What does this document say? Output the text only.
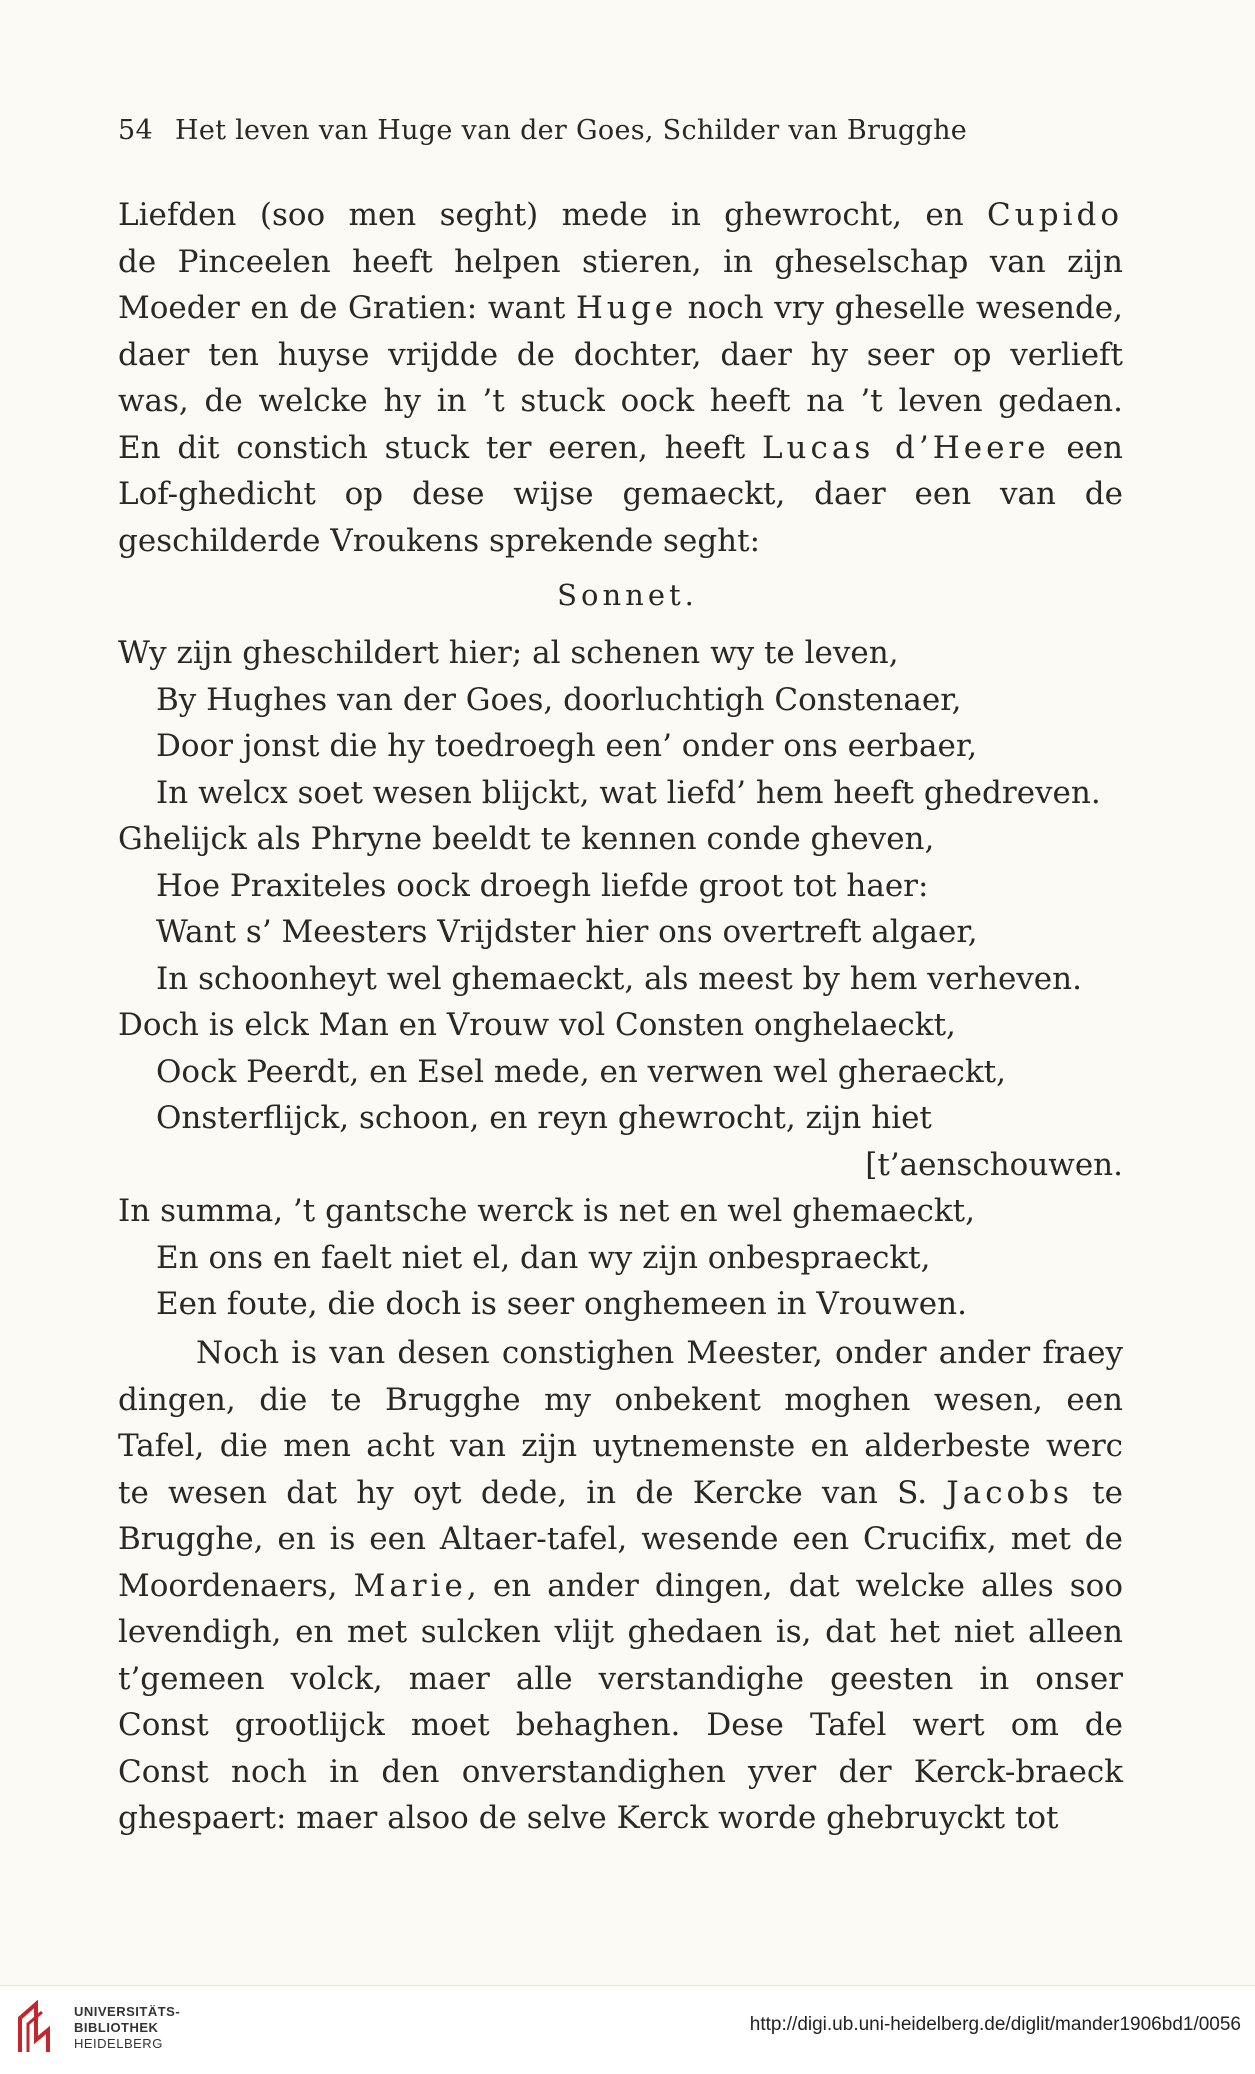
54 Het leven van Huge van der Goes, Schilder van Brugghe
Liefden (soo men seght) mede in ghewrocht, en Cupido
de Pinceelen heeft helpen stieren, in gheselschap van zijn
Moeder en de Gratien: want Huge noch vry gheselle wesende,
daer ten huyse vrijdde de dochter, daer hy seer op verlieft
was, de welcke hy in ’t stuck oock heeft na ’t leven gedaen.
En dit constich stuck ter eeren, heeft Lucas d’Heere een
Lof-ghedicht op dese wijse gemaeckt, daer een van de
geschilderde Vroukens sprekende seght:
Sonnet.
Wy zijn gheschildert hier; al schenen wy te leven,
By Hughes van der Goes, doorluchtigh Constenaer,
Door jonst die hy toedroegh een’ onder ons eerbaer,
In welcx soet wesen blijckt, wat liefd’ hem heeft ghedreven.
Ghelijck als Phryne beeldt te kennen conde gheven,
Hoe Praxiteles oock droegh liefde groot tot haer:
Want s’ Meesters Vrijdster hier ons overtreft algaer,
In schoonheyt wel ghemaeckt, als meest by hem verheven.
Doch is elck Man en Vrouw vol Consten onghelaeckt,
Oock Peerdt, en Esel mede, en verwen wel gheraeckt,
Onsterflijck, schoon, en reyn ghewrocht, zijn hiet
[t’aenschouwen.
In summa, ’t gantsche werck is net en wel ghemaeckt,
En ons en faelt niet el, dan wy zijn onbespraeckt,
Een foute, die doch is seer onghemeen in Vrouwen.
Noch is van desen constighen Meester, onder ander fraey
dingen, die te Brugghe my onbekent moghen wesen, een
Tafel, die men acht van zijn uytnemenste en alderbeste werc
te wesen dat hy oyt dede, in de Kercke van S. Jacobs te
Brugghe, en is een Altaer-tafel, wesende een Crucifix, met de
Moordenaers, Marie, en ander dingen, dat welcke alles soo
levendigh, en met sulcken vlijt ghedaen is, dat het niet alleen
t’gemeen volck, maer alle verstandighe geesten in onser
Const grootlijck moet behaghen. Dese Tafel wert om de
Const noch in den onverstandighen yver der Kerck-braeck
ghespaert: maer alsoo de selve Kerck worde ghebruyckt tot
UNIVERSITÄTS-
BIBLIOTHEK
HEIDELBERG
http://digi.ub.uni-heidelberg.de/diglit/mander1906bd1/0056
